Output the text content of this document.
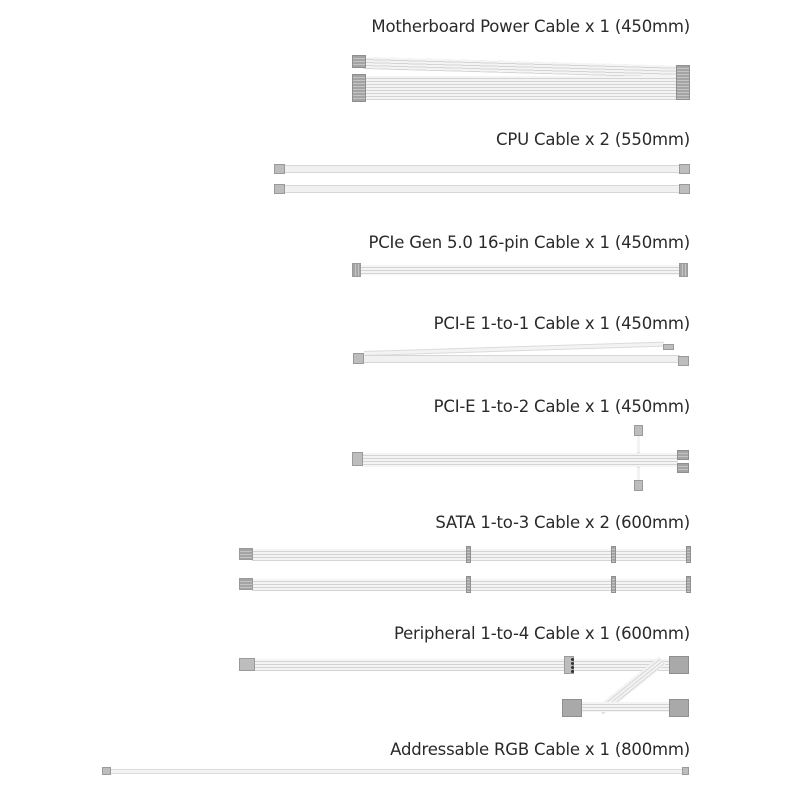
Motherboard Power Cable x 1 (450mm)
CPU Cable x 2 (550mm)
PCIe Gen 5.0 16-pin Cable x 1 (450mm)
PCI-E 1-to-1 Cable x 1 (450mm)
PCI-E 1-to-2 Cable x 1 (450mm)
SATA 1-to-3 Cable x 2 (600mm)
Peripheral 1-to-4 Cable x 1 (600mm)
Addressable RGB Cable x 1 (800mm)
